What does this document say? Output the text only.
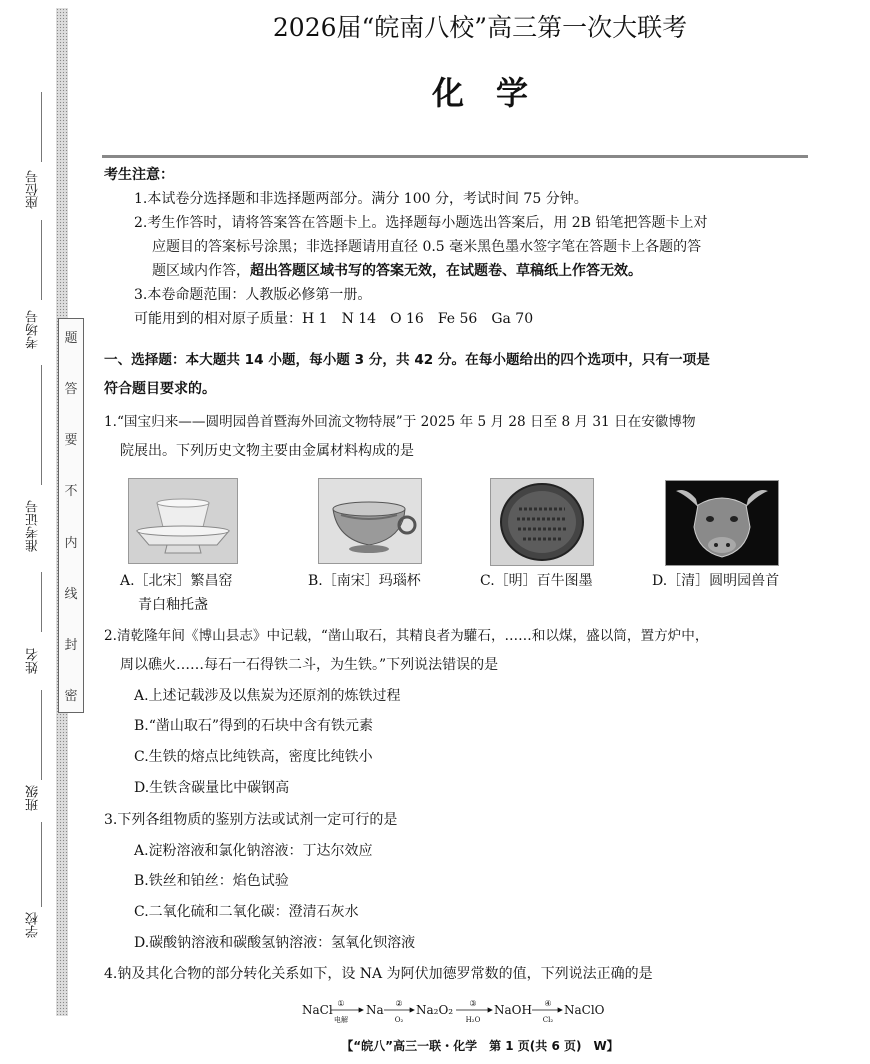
座位号
考场号
准考证号
姓名
班级
学校
题
答
要
不
内
线
封
密
2026届“皖南八校”高三第一次大联考
化　学
考生注意：
1.本试卷分选择题和非选择题两部分。满分 100 分，考试时间 75 分钟。
2.考生作答时，请将答案答在答题卡上。选择题每小题选出答案后，用 2B 铅笔把答题卡上对
应题目的答案标号涂黑；非选择题请用直径 0.5 毫米黑色墨水签字笔在答题卡上各题的答
题区域内作答，超出答题区域书写的答案无效，在试题卷、草稿纸上作答无效。
3.本卷命题范围：人教版必修第一册。
可能用到的相对原子质量：H 1　N 14　O 16　Fe 56　Ga 70
一、选择题：本大题共 14 小题，每小题 3 分，共 42 分。在每小题给出的四个选项中，只有一项是
符合题目要求的。
1.“国宝归来——圆明园兽首暨海外回流文物特展”于 2025 年 5 月 28 日至 8 月 31 日在安徽博物
院展出。下列历史文物主要由金属材料构成的是
A.［北宋］繁昌窑
青白釉托盏
B.［南宋］玛瑙杯	C.［明］百牛图墨	D.［清］圆明园兽首
2.清乾隆年间《博山县志》中记载，“凿山取石，其精良者为驩石，……和以煤，盛以筒，置方炉中，
周以礁火……每石一石得铁二斗，为生铁。”下列说法错误的是
A.上述记载涉及以焦炭为还原剂的炼铁过程
B.“凿山取石”得到的石块中含有铁元素
C.生铁的熔点比纯铁高，密度比纯铁小
D.生铁含碳量比中碳钢高
3.下列各组物质的鉴别方法或试剂一定可行的是
A.淀粉溶液和氯化钠溶液：丁达尔效应
B.铁丝和铂丝：焰色试验
C.二氧化硫和二氧化碳：澄清石灰水
D.碳酸钠溶液和碳酸氢钠溶液：氢氧化钡溶液
4.钠及其化合物的部分转化关系如下，设 NA 为阿伏加德罗常数的值，下列说法正确的是
NaCl	Na	Na₂O₂	NaOH	NaClO
①	②	③	④
电解	O₂	H₂O	Cl₂
【“皖八”高三一联・化学　第 1 页(共 6 页)　W】
